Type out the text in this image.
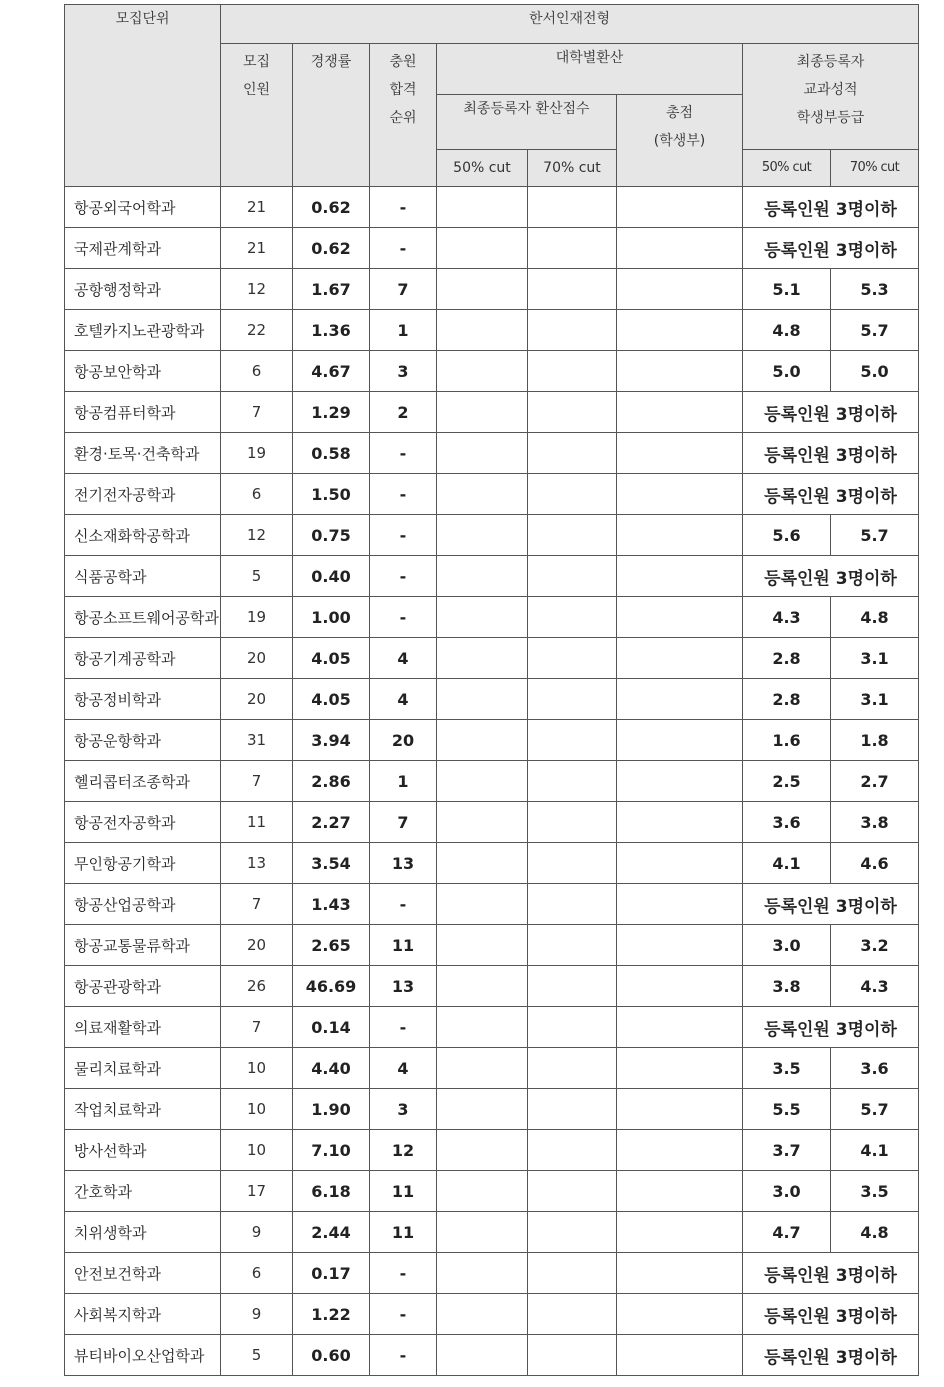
모집단위	한서인재전형							
	모집
인원	경쟁률	충원
합격
순위	대학별환산			최종등록자
교과성적
학생부등급	
				최종등록자 환산점수		총점
(학생부)		
				50% cut	70% cut		50% cut	70% cut
항공외국어학과	21	0.62	-				등록인원 3명이하	
국제관계학과	21	0.62	-				등록인원 3명이하	
공항행정학과	12	1.67	7				5.1	5.3
호텔카지노관광학과	22	1.36	1				4.8	5.7
항공보안학과	6	4.67	3				5.0	5.0
항공컴퓨터학과	7	1.29	2				등록인원 3명이하	
환경·토목·건축학과	19	0.58	-				등록인원 3명이하	
전기전자공학과	6	1.50	-				등록인원 3명이하	
신소재화학공학과	12	0.75	-				5.6	5.7
식품공학과	5	0.40	-				등록인원 3명이하	
항공소프트웨어공학과	19	1.00	-				4.3	4.8
항공기계공학과	20	4.05	4				2.8	3.1
항공정비학과	20	4.05	4				2.8	3.1
항공운항학과	31	3.94	20				1.6	1.8
헬리콥터조종학과	7	2.86	1				2.5	2.7
항공전자공학과	11	2.27	7				3.6	3.8
무인항공기학과	13	3.54	13				4.1	4.6
항공산업공학과	7	1.43	-				등록인원 3명이하	
항공교통물류학과	20	2.65	11				3.0	3.2
항공관광학과	26	46.69	13				3.8	4.3
의료재활학과	7	0.14	-				등록인원 3명이하	
물리치료학과	10	4.40	4				3.5	3.6
작업치료학과	10	1.90	3				5.5	5.7
방사선학과	10	7.10	12				3.7	4.1
간호학과	17	6.18	11				3.0	3.5
치위생학과	9	2.44	11				4.7	4.8
안전보건학과	6	0.17	-				등록인원 3명이하	
사회복지학과	9	1.22	-				등록인원 3명이하	
뷰티바이오산업학과	5	0.60	-				등록인원 3명이하	
